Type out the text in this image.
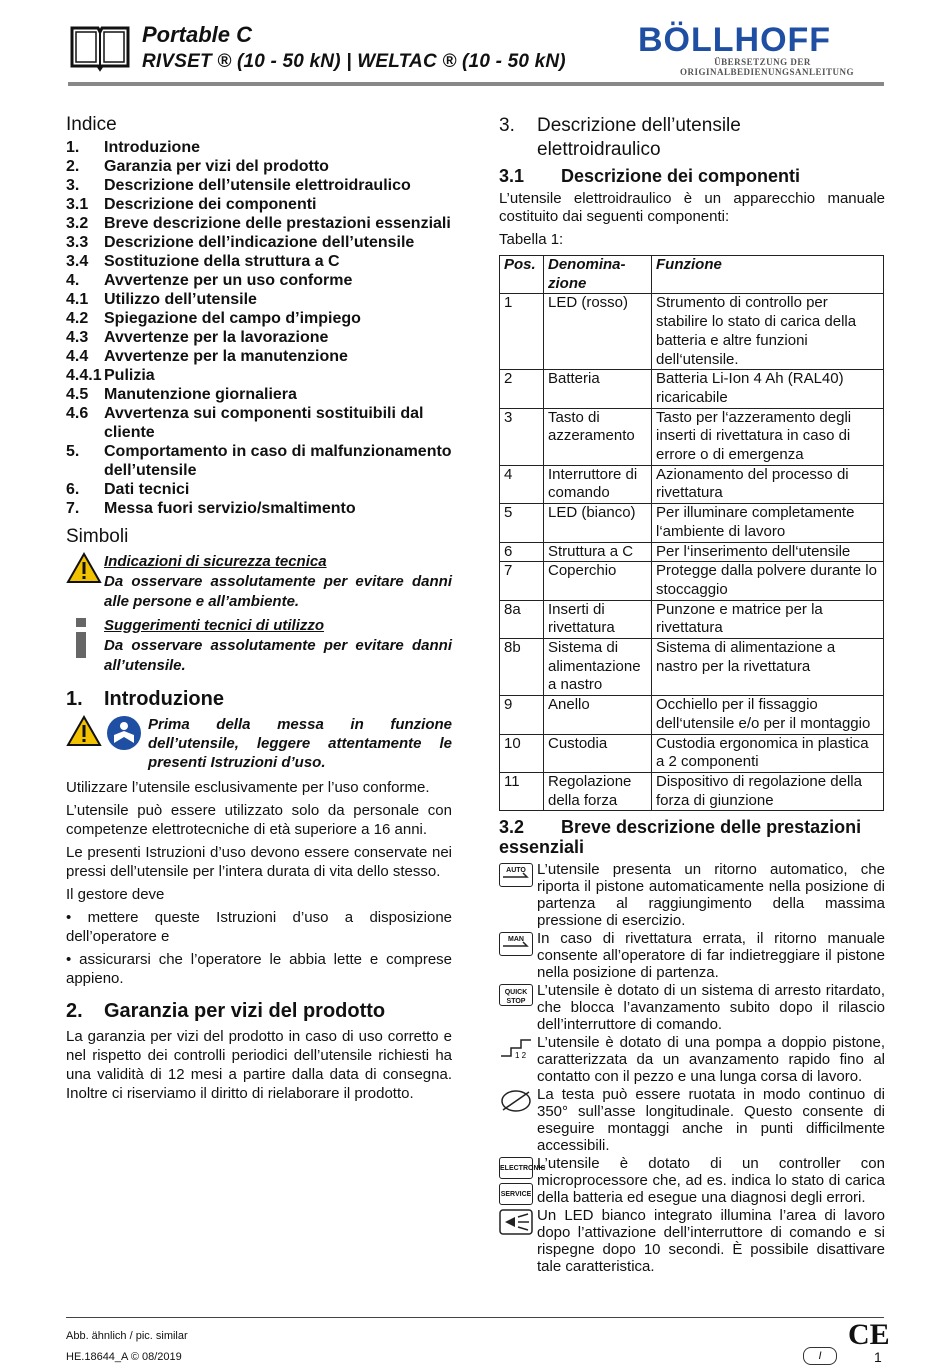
Portable C
RIVSET ® (10 - 50 kN) | WELTAC ® (10 - 50 kN)
BÖLLHOFF
ÜBERSETZUNG DER
ORIGINALBEDIENUNGSANLEITUNG
Indice
1.	Introduzione
2.	Garanzia per vizi del prodotto
3.	Descrizione dell’utensile elettroidraulico
3.1 Descrizione dei componenti
3.2 Breve descrizione delle prestazioni essenziali
3.3 Descrizione dell’indicazione dell’utensile
3.4 Sostituzione della struttura a C
4.	Avvertenze per un uso conforme
4.1 Utilizzo dell’utensile
4.2 Spiegazione del campo d’impiego
4.3 Avvertenze per la lavorazione
4.4 Avvertenze per la manutenzione
4.4.1 Pulizia
4.5 Manutenzione giornaliera
4.6 Avvertenza sui componenti sostituibili dal cliente
5.	Comportamento in caso di malfunzionamento dell’utensile
6.	Dati tecnici
7.	Messa fuori servizio/smaltimento
Simboli
Indicazioni di sicurezza tecnica
Da osservare assolutamente per evitare danni alle persone e all’ambiente.
Suggerimenti tecnici di utilizzo
Da osservare assolutamente per evitare danni all’utensile.
1.	Introduzione
Prima della messa in funzione dell’utensile, leggere attentamente le presenti Istruzioni d’uso.

Utilizzare l’utensile esclusivamente per l’uso conforme.

L’utensile può essere utilizzato solo da personale con competenze elettrotecniche di età superiore a 16 anni.

Le presenti Istruzioni d’uso devono essere conservate nei pressi dell’utensile per l’intera durata di vita dello stesso.

Il gestore deve

• mettere queste Istruzioni d’uso a disposizione dell’operatore e

• assicurarsi che l’operatore le abbia lette e comprese appieno.

2.	Garanzia per vizi del prodotto

La garanzia per vizi del prodotto in caso di uso corretto e nel rispetto dei controlli periodici dell’utensile richiesti ha una validità di 12 mesi a partire dalla data di consegna. Inoltre ci riserviamo il diritto di rielaborare il prodotto.

3.	Descrizione dell’utensile
elettroidraulico
3.1	Descrizione dei componenti

L’utensile elettroidraulico è un apparecchio manuale costituito dai seguenti componenti:

Tabella 1:

Pos.	Denomina-zione	Funzione
1	LED (rosso)	Strumento di controllo per stabilire lo stato di carica della batteria e altre funzioni dell‘utensile.
2	Batteria	Batteria Li-Ion 4 Ah (RAL40) ricaricabile
3	Tasto di azzeramento	Tasto per l‘azzeramento degli inserti di rivettatura in caso di errore o di emergenza
4	Interruttore di comando	Azionamento del processo di rivettatura
5	LED (bianco)	Per illuminare completamente l‘ambiente di lavoro
6	Struttura a C	Per l‘inserimento dell‘utensile
7	Coperchio	Protegge dalla polvere durante lo stoccaggio
8a	Inserti di rivettatura	Punzone e matrice per la rivettatura
8b	Sistema di alimentazione a nastro	Sistema di alimentazione a nastro per la rivettatura
9	Anello	Occhiello per il fissaggio dell‘utensile e/o per il montaggio
10	Custodia	Custodia ergonomica in plastica a 2 componenti
11	Regolazione della forza	Dispositivo di regolazione della forza di giunzione
3.2 Breve descrizione delle prestazioni essenziali
AUTO L’utensile presenta un ritorno automatico, che riporta il pistone automaticamente nella posizione di partenza al raggiungimento della massima pressione di esercizio.
MAN In caso di rivettatura errata, il ritorno manuale consente all’operatore di far indietreggiare il pistone nella posizione di partenza.
QUICK STOP
L’utensile è dotato di un sistema di arresto ritardato, che blocca l’avanzamento subito dopo il rilascio dell’interruttore di comando.
1 2
L’utensile è dotato di una pompa a doppio pistone, caratterizzata da un avanzamento rapido fino al contatto con il pezzo e una lunga corsa di lavoro.
La testa può essere ruotata in modo continuo di 350° sull’asse longitudinale. Questo consente di eseguire montaggi anche in punti difficilmente accessibili.
ELECTRONIC
SERVICE
L’utensile è dotato di un controller con microprocessore che, ad es. indica lo stato di carica della batteria ed esegue una diagnosi degli errori.
Un LED bianco integrato illumina l’area di lavoro dopo l’attivazione dell’interruttore di comando e si rispegne dopo 10 secondi. È possibile disattivare tale caratteristica.
Abb. ähnlich / pic. similar
HE.18644_A © 08/2019
CE
I	1
